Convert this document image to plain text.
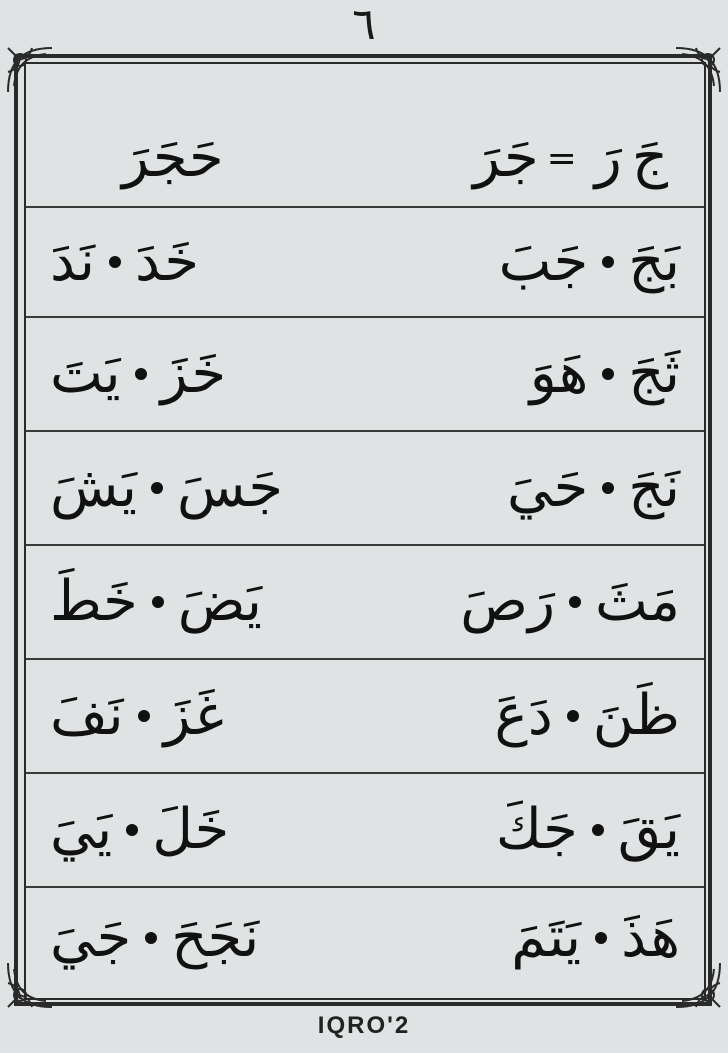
٦
جَ
رَ
=
جَرَ
حَجَرَ
بَجَ
جَبَ
خَدَ
نَدَ
ثَجَ
هَوَ
خَزَ
يَتَ
نَجَ
حَيَ
جَسَ
يَشَ
مَثَ
رَصَ
يَضَ
خَطَ
ظَنَ
دَعَ
غَزَ
نَفَ
يَقَ
جَكَ
خَلَ
يَيَ
هَذَ
يَتَمَ
نَجَحَ
جَيَ
IQRO'2
